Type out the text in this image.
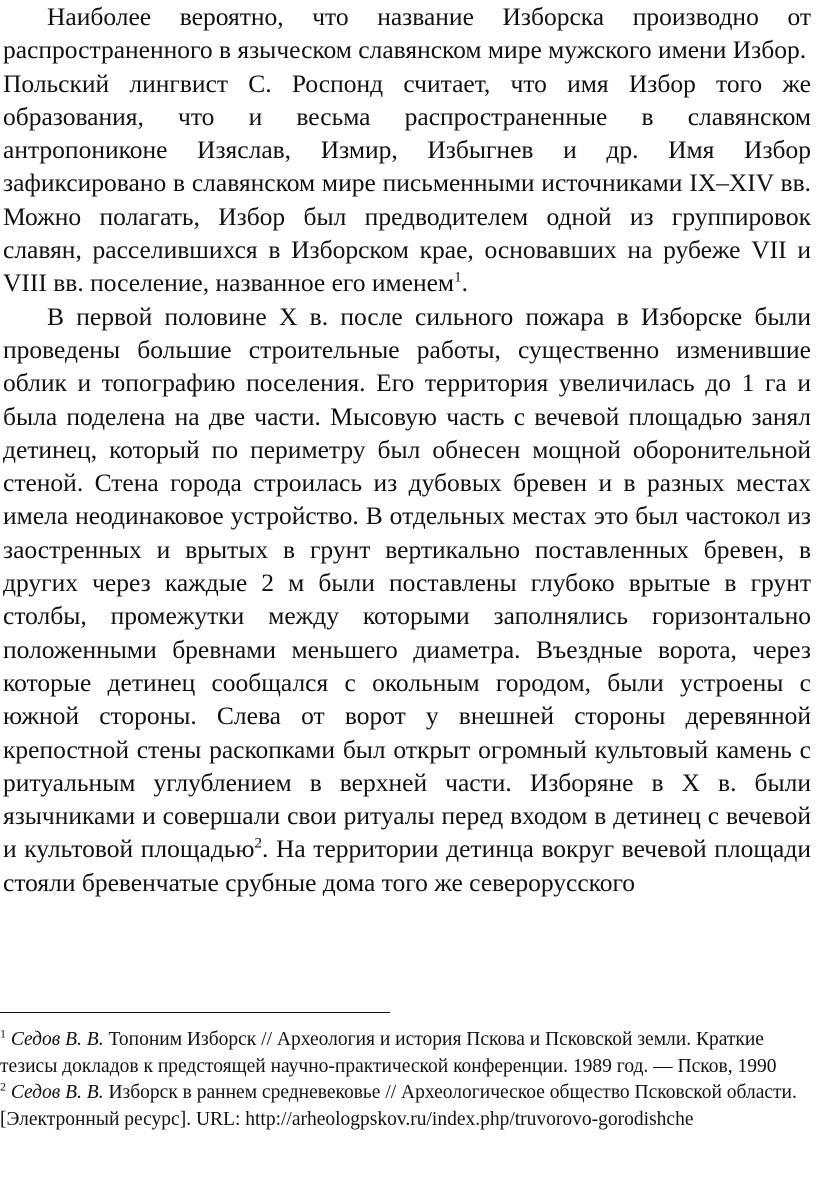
Наиболее вероятно, что название Изборска производно от распространенного в языческом славянском мире мужского имени Избор.

Польский лингвист С. Роспонд считает, что имя Избор того же образования, что и весьма распространенные в славянском антропониконе Изяслав, Измир, Избыгнев и др. Имя Избор зафиксировано в славянском мире письменными источниками IX–XIV вв. Можно полагать, Избор был предводителем одной из группировок славян, расселившихся в Изборском крае, основавших на рубеже VII и VIII вв. поселение, названное его именем$^1$.

В первой половине X в. после сильного пожара в Изборске были проведены большие строительные работы, существенно изменившие облик и топографию поселения. Его территория увеличилась до 1 га и была поделена на две части. Мысовую часть с вечевой площадью занял детинец, который по периметру был обнесен мощной оборонительной стеной. Стена города строилась из дубовых бревен и в разных местах имела неодинаковое устройство. В отдельных местах это был частокол из заостренных и врытых в грунт вертикально поставленных бревен, в других через каждые 2 м были поставлены глубоко врытые в грунт столбы, промежутки между которыми заполнялись горизонтально положенными бревнами меньшего диаметра. Въездные ворота, через которые детинец сообщался с окольным городом, были устроены с южной стороны. Слева от ворот у внешней стороны деревянной крепостной стены раскопками был открыт огромный культовый камень с ритуальным углублением в верхней части. Изборяне в X в. были язычниками и совершали свои ритуалы перед входом в детинец с вечевой и культовой площадью$^2$. На территории детинца вокруг вечевой площади стояли бревенчатые срубные дома того же северорусского

$^1$ Седов В. В. Топоним Изборск // Археология и история Пскова и Псковской земли. Краткие тезисы докладов к предстоящей научно-практической конференции. 1989 год. — Псков, 1990

$^2$ Седов В. В. Изборск в раннем средневековье // Археологическое общество Псковской области. [Электронный ресурс]. URL: http://arheologpskov.ru/index.php/truvorovo-gorodishche
